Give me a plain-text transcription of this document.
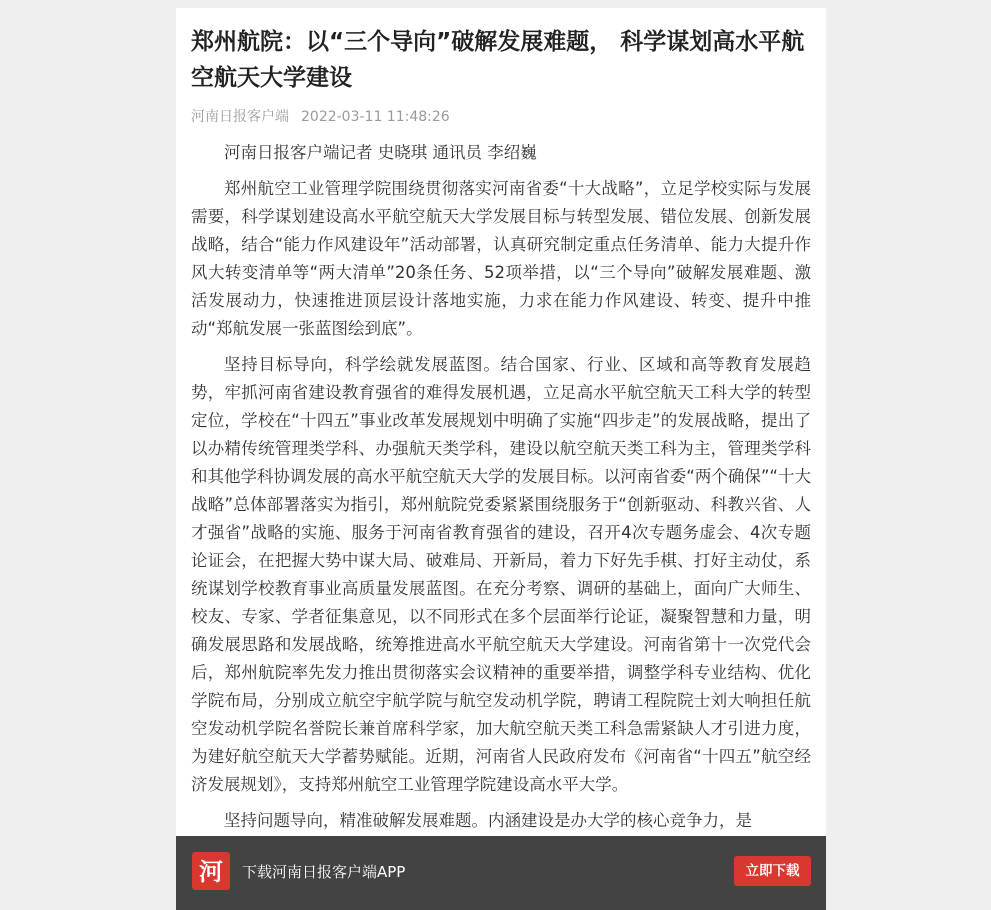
郑州航院：以“三个导向”破解发展难题， 科学谋划高水平航空航天大学建设
河南日报客户端 2022-03-11 11:48:26

河南日报客户端记者 史晓琪 通讯员 李绍巍

郑州航空工业管理学院围绕贯彻落实河南省委“十大战略”，立足学校实际与发展需要，科学谋划建设高水平航空航天大学发展目标与转型发展、错位发展、创新发展战略，结合“能力作风建设年”活动部署，认真研究制定重点任务清单、能力大提升作风大转变清单等“两大清单”20条任务、52项举措，以“三个导向”破解发展难题、激活发展动力，快速推进顶层设计落地实施，力求在能力作风建设、转变、提升中推动“郑航发展一张蓝图绘到底”。

坚持目标导向，科学绘就发展蓝图。结合国家、行业、区域和高等教育发展趋势，牢抓河南省建设教育强省的难得发展机遇，立足高水平航空航天工科大学的转型定位，学校在“十四五”事业改革发展规划中明确了实施“四步走”的发展战略，提出了以办精传统管理类学科、办强航天类学科，建设以航空航天类工科为主，管理类学科和其他学科协调发展的高水平航空航天大学的发展目标。以河南省委“两个确保”“十大战略”总体部署落实为指引，郑州航院党委紧紧围绕服务于“创新驱动、科教兴省、人才强省”战略的实施、服务于河南省教育强省的建设，召开4次专题务虚会、4次专题论证会，在把握大势中谋大局、破难局、开新局，着力下好先手棋、打好主动仗，系统谋划学校教育事业高质量发展蓝图。在充分考察、调研的基础上，面向广大师生、校友、专家、学者征集意见，以不同形式在多个层面举行论证，凝聚智慧和力量，明确发展思路和发展战略，统筹推进高水平航空航天大学建设。河南省第十一次党代会后，郑州航院率先发力推出贯彻落实会议精神的重要举措，调整学科专业结构、优化学院布局，分别成立航空宇航学院与航空发动机学院，聘请工程院院士刘大响担任航空发动机学院名誉院长兼首席科学家，加大航空航天类工科急需紧缺人才引进力度，为建好航空航天大学蓄势赋能。近期，河南省人民政府发布《河南省“十四五”航空经济发展规划》，支持郑州航空工业管理学院建设高水平大学。

坚持问题导向，精准破解发展难题。内涵建设是办大学的核心竞争力，是

河 下载河南日报客户端APP	立即下载
